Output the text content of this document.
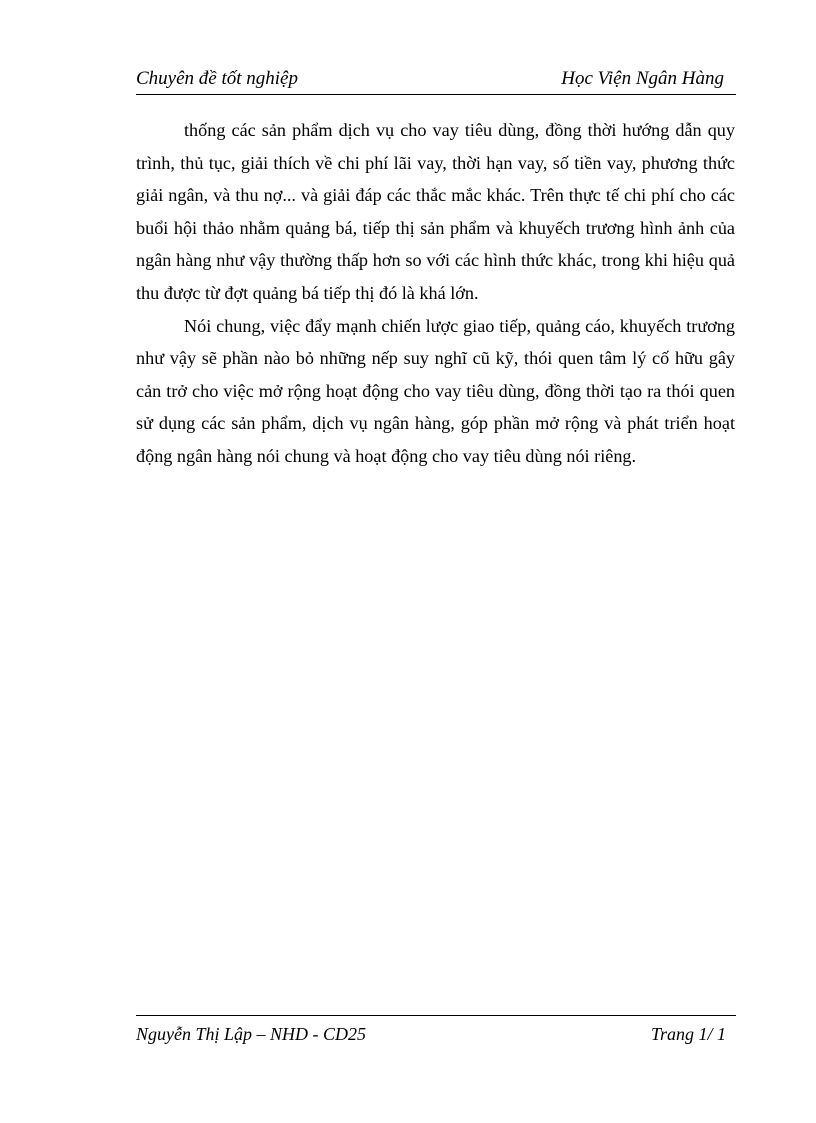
Chuyên đề tốt nghiệp	Học Viện Ngân Hàng

thống các sản phẩm dịch vụ cho vay tiêu dùng, đồng thời hướng dẫn quy trình, thủ tục, giải thích về chi phí lãi vay, thời hạn vay, số tiền vay, phương thức giải ngân, và thu nợ... và giải đáp các thắc mắc khác. Trên thực tế chi phí cho các buổi hội thảo nhằm quảng bá, tiếp thị sản phẩm và khuyếch trương hình ảnh của ngân hàng như vậy thường thấp hơn so với các hình thức khác, trong khi hiệu quả thu được từ đợt quảng bá tiếp thị đó là khá lớn.

Nói chung, việc đẩy mạnh chiến lược giao tiếp, quảng cáo, khuyếch trương như vậy sẽ phần nào bỏ những nếp suy nghĩ cũ kỹ, thói quen tâm lý cố hữu gây cản trở cho việc mở rộng hoạt động cho vay tiêu dùng, đồng thời tạo ra thói quen sử dụng các sản phẩm, dịch vụ ngân hàng, góp phần mở rộng và phát triển hoạt động ngân hàng nói chung và hoạt động cho vay tiêu dùng nói riêng.

Nguyễn Thị Lập – NHD - CD25	Trang 1/ 1
